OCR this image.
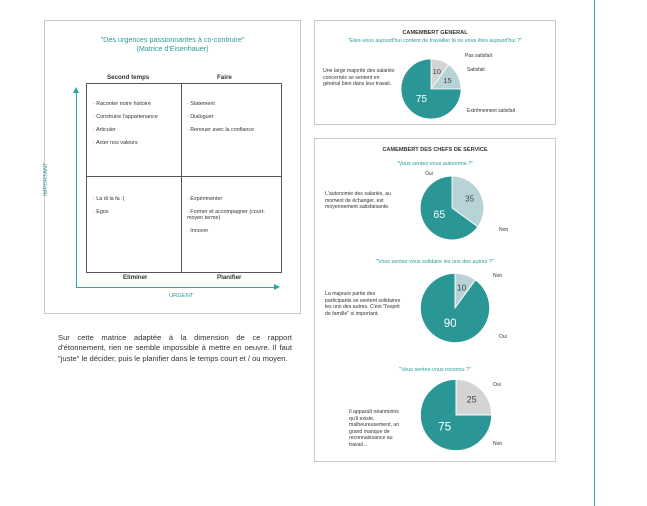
"Des urgences passionnantes à co-contruire"
(Matrice d'Eisenhauer)
Second temps	Faire
IMPORTANT
· Raconter notre histoire
· Construire l'appartenance
· Articuler
· Acter nos valeurs
· Statement
· Dialoguer
· Renouer avec la confiance
· La di la fa :(
· Egos
· Expérimenter
· Former et accompagner (court-moyen terme)
· Innover
Eliminer	Planifier
URGENT
Sur cette matrice adaptée à la dimension de ce rapport d'étonnement, rien ne semble impossible à mettre en oeuvre. Il faut "juste" le décider, puis le planifier dans le temps court et / ou moyen.
CAMEMBERT GENERAL
"Etes-vous aujourd'hui content de travailler là ou vous êtes aujourd'hui ?"
Une large majorité des salariés concernés se sentent en général bien dans leur travail.
10
15
75
Pas satisfait
Satisfait
Extrêmement satisfait
CAMEMBERT DES CHEFS DE SERVICE
"Vous sentez-vous autonome ?"
L'autonomie des salariés, au moment de échanger, est moyennement satisfaisante.
35
65
Oui
Non
"Vous sentez-vous solidaire les uns des autres ?"
La majeure partie des participants se sentent solidaires les uns des autres. C'est "l'esprit de famille" si important.
10
90
Non
Oui
"Vous sentez-vous reconnu ?"
Il apparaît néanmoins qu'il existe, malheureusement, un grand manque de reconnaissance au travail...
25
75
Oui
Non
